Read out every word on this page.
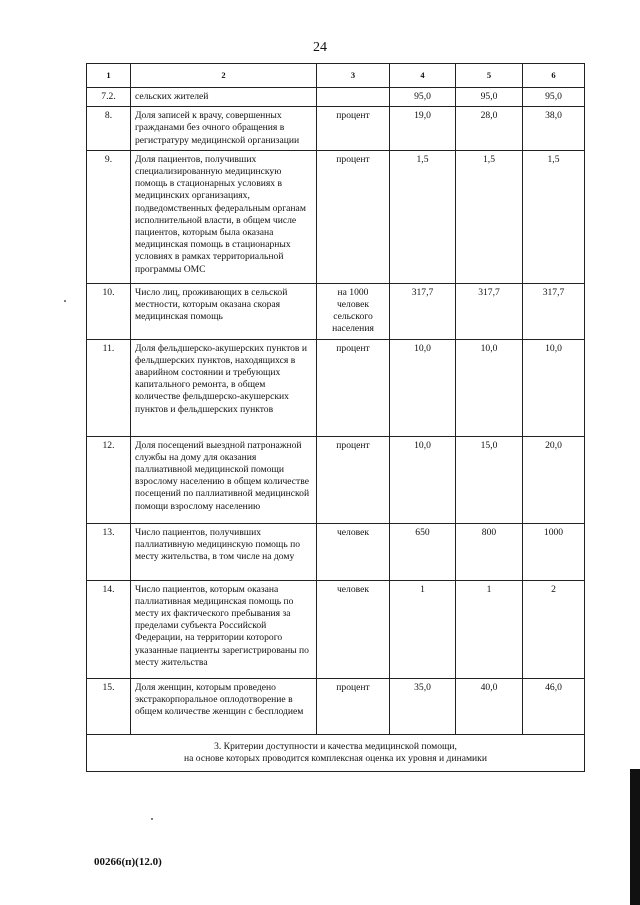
24
1	2	3	4	5	6
7.2.	сельских жителей		95,0	95,0	95,0
8.	Доля записей к врачу, совершенных гражданами без очного обращения в регистратуру медицинской организации	процент	19,0	28,0	38,0
9.	Доля пациентов, получивших специализированную медицинскую помощь в стационарных условиях в медицинских организациях, подведомственных федеральным органам исполнительной власти, в общем числе пациентов, которым была оказана медицинская помощь в стационарных условиях в рамках территориальной программы ОМС	процент	1,5	1,5	1,5
10.	Число лиц, проживающих в сельской местности, которым оказана скорая медицинская помощь	на 1000 человек сельского населения	317,7	317,7	317,7
11.	Доля фельдшерско-акушерских пунктов и фельдшерских пунктов, находящихся в аварийном состоянии и требующих капитального ремонта, в общем количестве фельдшерско-акушерских пунктов и фельдшерских пунктов	процент	10,0	10,0	10,0
12.	Доля посещений выездной патронажной службы на дому для оказания паллиативной медицинской помощи взрослому населению в общем количестве посещений по паллиативной медицинской помощи взрослому населению	процент	10,0	15,0	20,0
13.	Число пациентов, получивших паллиативную медицинскую помощь по месту жительства, в том числе на дому	человек	650	800	1000
14.	Число пациентов, которым оказана паллиативная медицинская помощь по месту их фактического пребывания за пределами субъекта Российской Федерации, на территории которого указанные пациенты зарегистрированы по месту жительства	человек	1	1	2
15.	Доля женщин, которым проведено экстракорпоральное оплодотворение в общем количестве женщин с бесплодием	процент	35,0	40,0	46,0

3. Критерии доступности и качества медицинской помощи,
на основе которых проводится комплексная оценка их уровня и динамики					
00266(п)(12.0)
